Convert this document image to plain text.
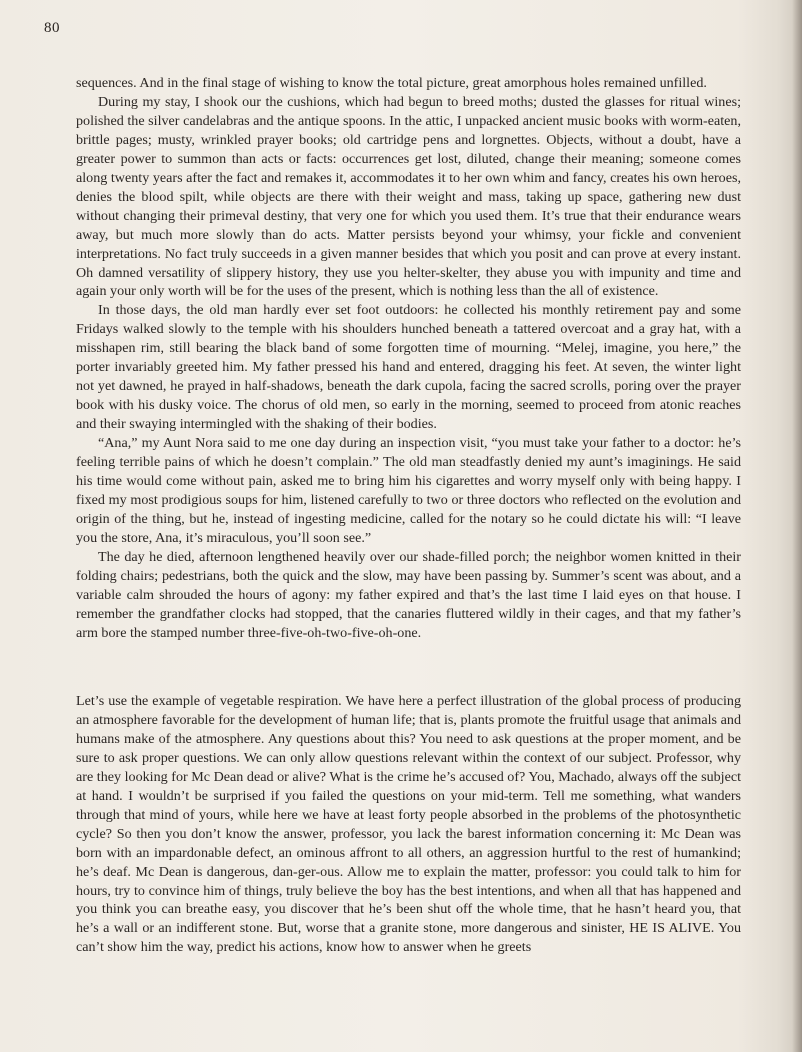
80

sequences. And in the final stage of wishing to know the total picture, great amorphous holes remained unfilled.

During my stay, I shook our the cushions, which had begun to breed moths; dusted the glasses for ritual wines; polished the silver candelabras and the antique spoons. In the attic, I unpacked ancient music books with worm-eaten, brittle pages; musty, wrinkled prayer books; old cartridge pens and lorgnettes. Objects, without a doubt, have a greater power to summon than acts or facts: occurrences get lost, diluted, change their meaning; someone comes along twenty years after the fact and remakes it, accommodates it to her own whim and fancy, creates his own heroes, denies the blood spilt, while objects are there with their weight and mass, taking up space, gathering new dust without changing their primeval destiny, that very one for which you used them. It’s true that their endurance wears away, but much more slowly than do acts. Matter persists beyond your whimsy, your fickle and convenient interpretations. No fact truly succeeds in a given manner besides that which you posit and can prove at every instant. Oh damned versatility of slippery history, they use you helter-skelter, they abuse you with impunity and time and again your only worth will be for the uses of the present, which is nothing less than the all of existence.

In those days, the old man hardly ever set foot outdoors: he collected his monthly retirement pay and some Fridays walked slowly to the temple with his shoulders hunched beneath a tattered overcoat and a gray hat, with a misshapen rim, still bearing the black band of some forgotten time of mourning. “Melej, imagine, you here,” the porter invariably greeted him. My father pressed his hand and entered, dragging his feet. At seven, the winter light not yet dawned, he prayed in half-shadows, beneath the dark cupola, facing the sacred scrolls, poring over the prayer book with his dusky voice. The chorus of old men, so early in the morning, seemed to proceed from atonic reaches and their swaying intermingled with the shaking of their bodies.

“Ana,” my Aunt Nora said to me one day during an inspection visit, “you must take your father to a doctor: he’s feeling terrible pains of which he doesn’t complain.” The old man steadfastly denied my aunt’s imaginings. He said his time would come without pain, asked me to bring him his cigarettes and worry myself only with being happy. I fixed my most prodigious soups for him, listened carefully to two or three doctors who reflected on the evolution and origin of the thing, but he, instead of ingesting medicine, called for the notary so he could dictate his will: “I leave you the store, Ana, it’s miraculous, you’ll soon see.”

The day he died, afternoon lengthened heavily over our shade-filled porch; the neighbor women knitted in their folding chairs; pedestrians, both the quick and the slow, may have been passing by. Summer’s scent was about, and a variable calm shrouded the hours of agony: my father expired and that’s the last time I laid eyes on that house. I remember the grandfather clocks had stopped, that the canaries fluttered wildly in their cages, and that my father’s arm bore the stamped number three-five-oh-two-five-oh-one.

Let’s use the example of vegetable respiration. We have here a perfect illustration of the global process of producing an atmosphere favorable for the development of human life; that is, plants promote the fruitful usage that animals and humans make of the atmosphere. Any questions about this? You need to ask questions at the proper moment, and be sure to ask proper questions. We can only allow questions relevant within the context of our subject. Professor, why are they looking for Mc Dean dead or alive? What is the crime he’s accused of? You, Machado, always off the subject at hand. I wouldn’t be surprised if you failed the questions on your mid-term. Tell me something, what wanders through that mind of yours, while here we have at least forty people absorbed in the problems of the photosynthetic cycle? So then you don’t know the answer, professor, you lack the barest information concerning it: Mc Dean was born with an impardonable defect, an ominous affront to all others, an aggression hurtful to the rest of humankind; he’s deaf. Mc Dean is dangerous, dan-ger-ous. Allow me to explain the matter, professor: you could talk to him for hours, try to convince him of things, truly believe the boy has the best intentions, and when all that has happened and you think you can breathe easy, you discover that he’s been shut off the whole time, that he hasn’t heard you, that he’s a wall or an indifferent stone. But, worse that a granite stone, more dangerous and sinister, HE IS ALIVE. You can’t show him the way, predict his actions, know how to answer when he greets
